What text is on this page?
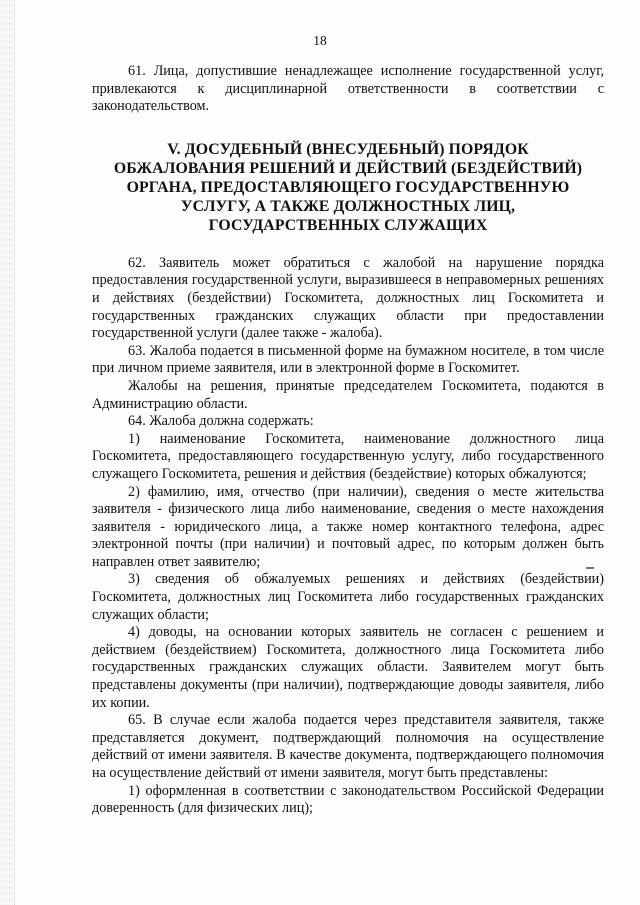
18

61. Лица, допустившие ненадлежащее исполнение государственной услуг, привлекаются к дисциплинарной ответственности в соответствии с законодательством.

V. ДОСУДЕБНЫЙ (ВНЕСУДЕБНЫЙ) ПОРЯДОК
ОБЖАЛОВАНИЯ РЕШЕНИЙ И ДЕЙСТВИЙ (БЕЗДЕЙСТВИЙ)
ОРГАНА, ПРЕДОСТАВЛЯЮЩЕГО ГОСУДАРСТВЕННУЮ
УСЛУГУ, А ТАКЖЕ ДОЛЖНОСТНЫХ ЛИЦ,
ГОСУДАРСТВЕННЫХ СЛУЖАЩИХ

62. Заявитель может обратиться с жалобой на нарушение порядка предоставления государственной услуги, выразившееся в неправомерных решениях и действиях (бездействии) Госкомитета, должностных лиц Госкомитета и государственных гражданских служащих области при предоставлении государственной услуги (далее также - жалоба).

63. Жалоба подается в письменной форме на бумажном носителе, в том числе при личном приеме заявителя, или в электронной форме в Госкомитет.

Жалобы на решения, принятые председателем Госкомитета, подаются в Администрацию области.

64. Жалоба должна содержать:

1) наименование Госкомитета, наименование должностного лица Госкомитета, предоставляющего государственную услугу, либо государственного служащего Госкомитета, решения и действия (бездействие) которых обжалуются;

2) фамилию, имя, отчество (при наличии), сведения о месте жительства заявителя - физического лица либо наименование, сведения о месте нахождения заявителя - юридического лица, а также номер контактного телефона, адрес электронной почты (при наличии) и почтовый адрес, по которым должен быть направлен ответ заявителю;

3) сведения об обжалуемых решениях и действиях (бездействии) Госкомитета, должностных лиц Госкомитета либо государственных гражданских служащих области;

4) доводы, на основании которых заявитель не согласен с решением и действием (бездействием) Госкомитета, должностного лица Госкомитета либо государственных гражданских служащих области. Заявителем могут быть представлены документы (при наличии), подтверждающие доводы заявителя, либо их копии.

65. В случае если жалоба подается через представителя заявителя, также представляется документ, подтверждающий полномочия на осуществление действий от имени заявителя. В качестве документа, подтверждающего полномочия на осуществление действий от имени заявителя, могут быть представлены:

1) оформленная в соответствии с законодательством Российской Федерации доверенность (для физических лиц);
